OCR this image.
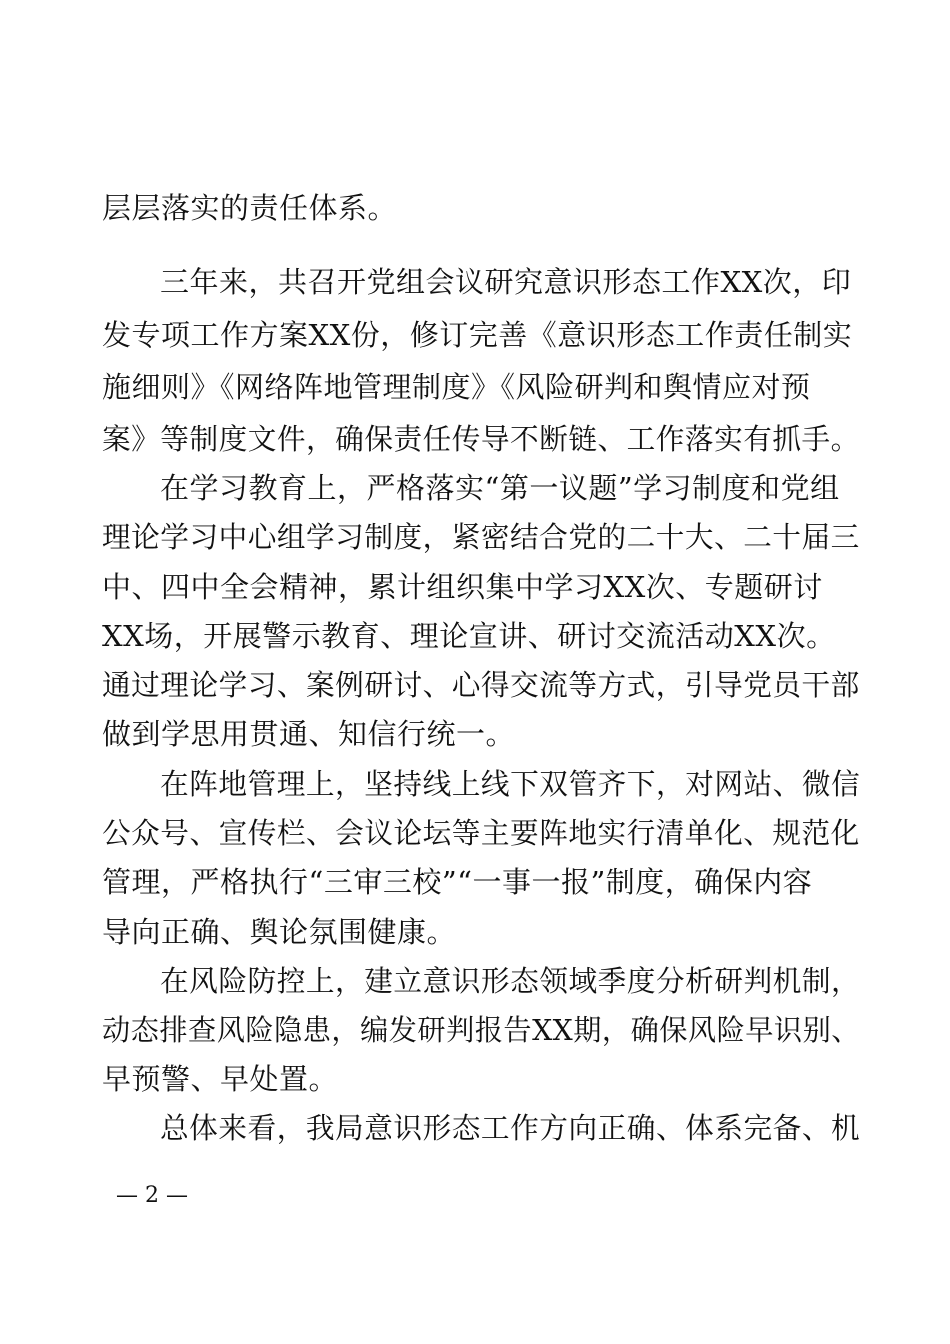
层层落实的责任体系。
三年来，共召开党组会议研究意识形态工作XX次，印
发专项工作方案XX份，修订完善《意识形态工作责任制实
施细则》《网络阵地管理制度》《风险研判和舆情应对预
案》等制度文件，确保责任传导不断链、工作落实有抓手。
在学习教育上，严格落实“第一议题”学习制度和党组
理论学习中心组学习制度，紧密结合党的二十大、二十届三
中、四中全会精神，累计组织集中学习XX次、专题研讨
XX场，开展警示教育、理论宣讲、研讨交流活动XX次。
通过理论学习、案例研讨、心得交流等方式，引导党员干部
做到学思用贯通、知信行统一。
在阵地管理上，坚持线上线下双管齐下，对网站、微信
公众号、宣传栏、会议论坛等主要阵地实行清单化、规范化
管理，严格执行“三审三校”“一事一报”制度，确保内容
导向正确、舆论氛围健康。
在风险防控上，建立意识形态领域季度分析研判机制，
动态排查风险隐患，编发研判报告XX期，确保风险早识别、
早预警、早处置。
总体来看，我局意识形态工作方向正确、体系完备、机
— 2 —
